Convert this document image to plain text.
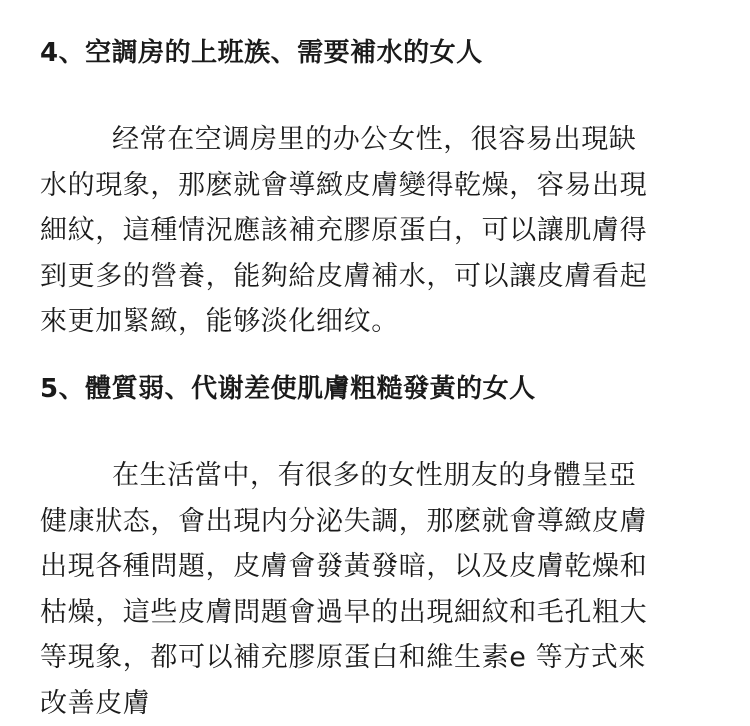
4、空調房的上班族、需要補水的女人
经常在空调房里的办公女性，很容易出現缺
水的現象，那麽就會導緻皮膚變得乾燥，容易出現
細紋，這種情況應該補充膠原蛋白，可以讓肌膚得
到更多的營養，能夠給皮膚補水，可以讓皮膚看起
來更加緊緻，能够淡化细纹。
5、體質弱、代谢差使肌膚粗糙發黃的女人
在生活當中，有很多的女性朋友的身體呈亞
健康狀态，會出現内分泌失調，那麽就會導緻皮膚
出現各種問題，皮膚會發黃發暗，以及皮膚乾燥和
枯燥，這些皮膚問題會過早的出現細紋和毛孔粗大
等現象，都可以補充膠原蛋白和維生素e 等方式來
改善皮膚
